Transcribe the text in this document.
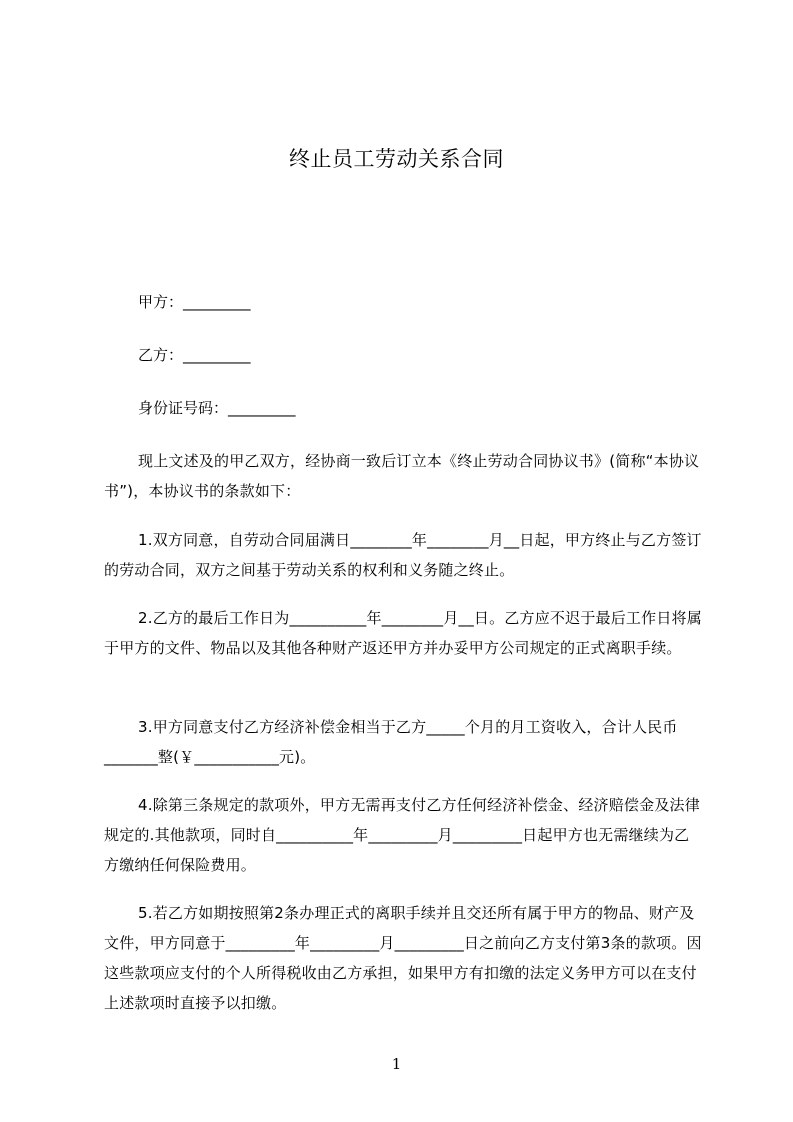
终止员工劳动关系合同
甲方：_________
乙方：_________
身份证号码：_________
现上文述及的甲乙双方，经协商一致后订立本《终止劳动合同协议书》(简称“本协议书”)，本协议书的条款如下：
1.双方同意，自劳动合同届满日________年________月__日起，甲方终止与乙方签订的劳动合同，双方之间基于劳动关系的权利和义务随之终止。
2.乙方的最后工作日为__________年________月__日。乙方应不迟于最后工作日将属于甲方的文件、物品以及其他各种财产返还甲方并办妥甲方公司规定的正式离职手续。
3.甲方同意支付乙方经济补偿金相当于乙方_____个月的月工资收入，合计人民币_______整(￥___________元)。
4.除第三条规定的款项外，甲方无需再支付乙方任何经济补偿金、经济赔偿金及法律规定的.其他款项，同时自__________年_________月_________日起甲方也无需继续为乙方缴纳任何保险费用。
5.若乙方如期按照第2条办理正式的离职手续并且交还所有属于甲方的物品、财产及文件，甲方同意于_________年_________月_________日之前向乙方支付第3条的款项。因这些款项应支付的个人所得税收由乙方承担，如果甲方有扣缴的法定义务甲方可以在支付上述款项时直接予以扣缴。
1
